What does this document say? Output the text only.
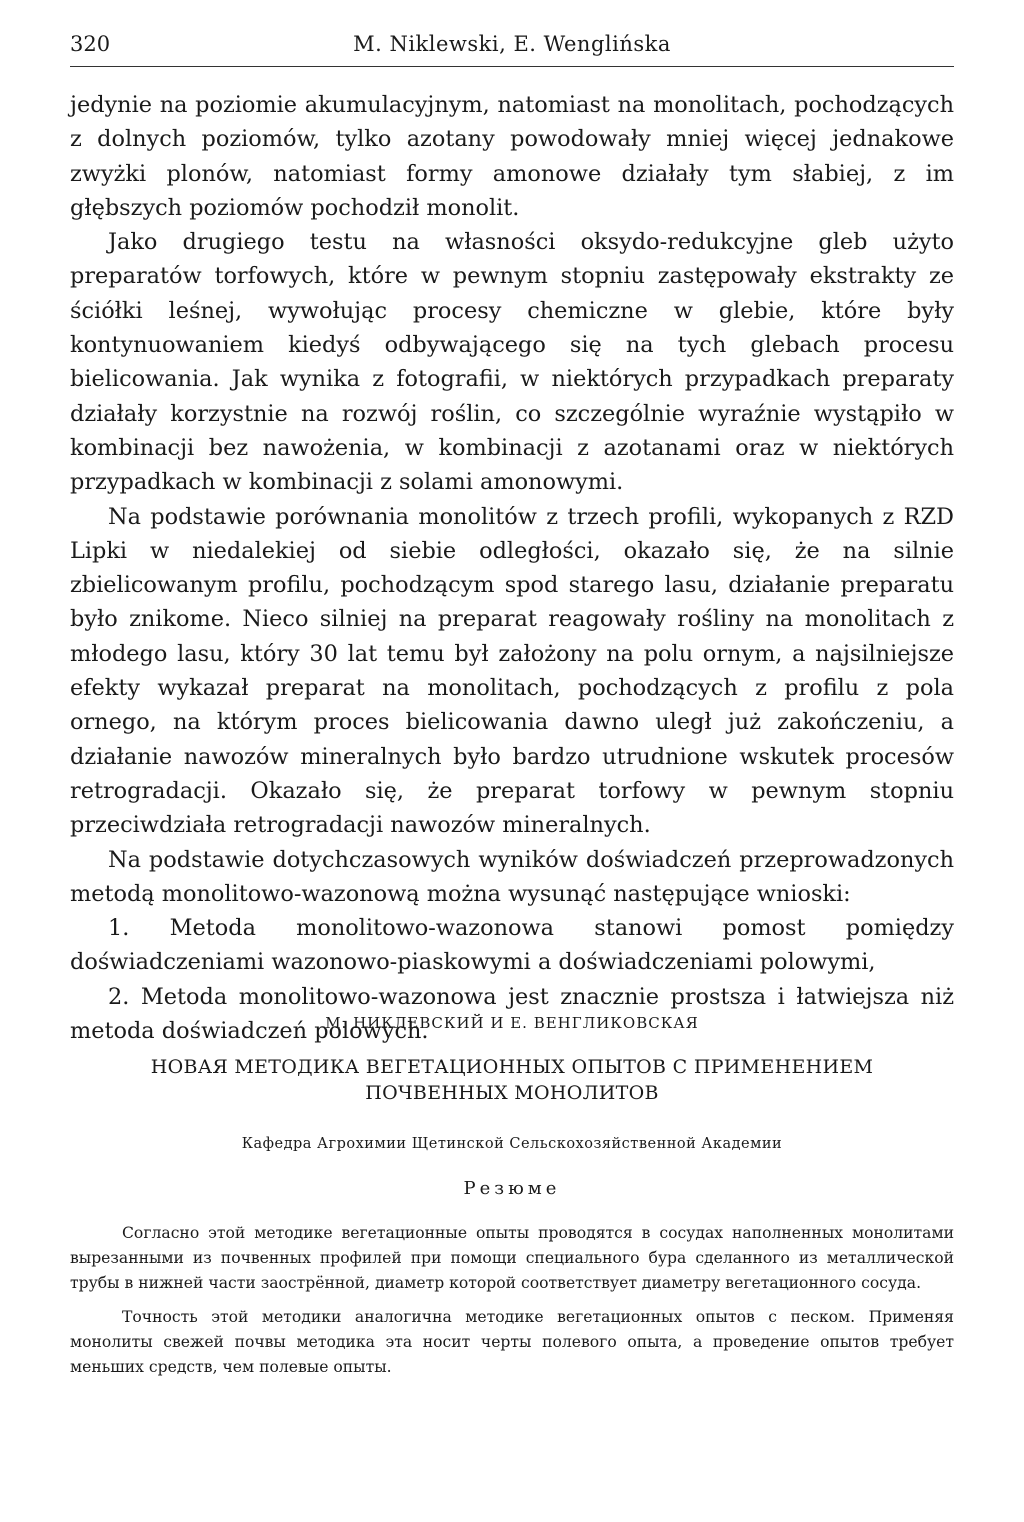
320	M. Niklewski, E. Wenglińska

jedynie na poziomie akumulacyjnym, natomiast na monolitach, pochodzących z dolnych poziomów, tylko azotany powodowały mniej więcej jednakowe zwyżki plonów, natomiast formy amonowe działały tym słabiej, z im głębszych poziomów pochodził monolit.

Jako drugiego testu na własności oksydo-redukcyjne gleb użyto preparatów torfowych, które w pewnym stopniu zastępowały ekstrakty ze ściółki leśnej, wywołując procesy chemiczne w glebie, które były kontynuowaniem kiedyś odbywającego się na tych glebach procesu bielicowania. Jak wynika z fotografii, w niektórych przypadkach preparaty działały korzystnie na rozwój roślin, co szczególnie wyraźnie wystąpiło w kombinacji bez nawożenia, w kombinacji z azotanami oraz w niektórych przypadkach w kombinacji z solami amonowymi.

Na podstawie porównania monolitów z trzech profili, wykopanych z RZD Lipki w niedalekiej od siebie odległości, okazało się, że na silnie zbielicowanym profilu, pochodzącym spod starego lasu, działanie preparatu było znikome. Nieco silniej na preparat reagowały rośliny na monolitach z młodego lasu, który 30 lat temu był założony na polu ornym, a najsilniejsze efekty wykazał preparat na monolitach, pochodzących z profilu z pola ornego, na którym proces bielicowania dawno uległ już zakończeniu, a działanie nawozów mineralnych było bardzo utrudnione wskutek procesów retrogradacji. Okazało się, że preparat torfowy w pewnym stopniu przeciwdziała retrogradacji nawozów mineralnych.

Na podstawie dotychczasowych wyników doświadczeń przeprowadzonych metodą monolitowo-wazonową można wysunąć następujące wnioski:

1. Metoda monolitowo-wazonowa stanowi pomost pomiędzy doświadczeniami wazonowo-piaskowymi a doświadczeniami polowymi,

2. Metoda monolitowo-wazonowa jest znacznie prostsza i łatwiejsza niż metoda doświadczeń polowych.

М. НИКЛЕВСКИЙ И Е. ВЕНГЛИКОВСКАЯ
НОВАЯ МЕТОДИКА ВЕГЕТАЦИОННЫХ ОПЫТОВ С ПРИМЕНЕНИЕМ
ПОЧВЕННЫХ МОНОЛИТОВ
Кафедра Агрохимии Щетинской Сельскохозяйственной Академии
Резюме

Согласно этой методике вегетационные опыты проводятся в сосудах наполненных монолитами вырезанными из почвенных профилей при помощи специального бура сделанного из металлической трубы в нижней части заострённой, диаметр которой соответствует диаметру вегетационного сосуда.

Точность этой методики аналогична методике вегетационных опытов с песком. Применяя монолиты свежей почвы методика эта носит черты полевого опыта, а проведение опытов требует меньших средств, чем полевые опыты.
